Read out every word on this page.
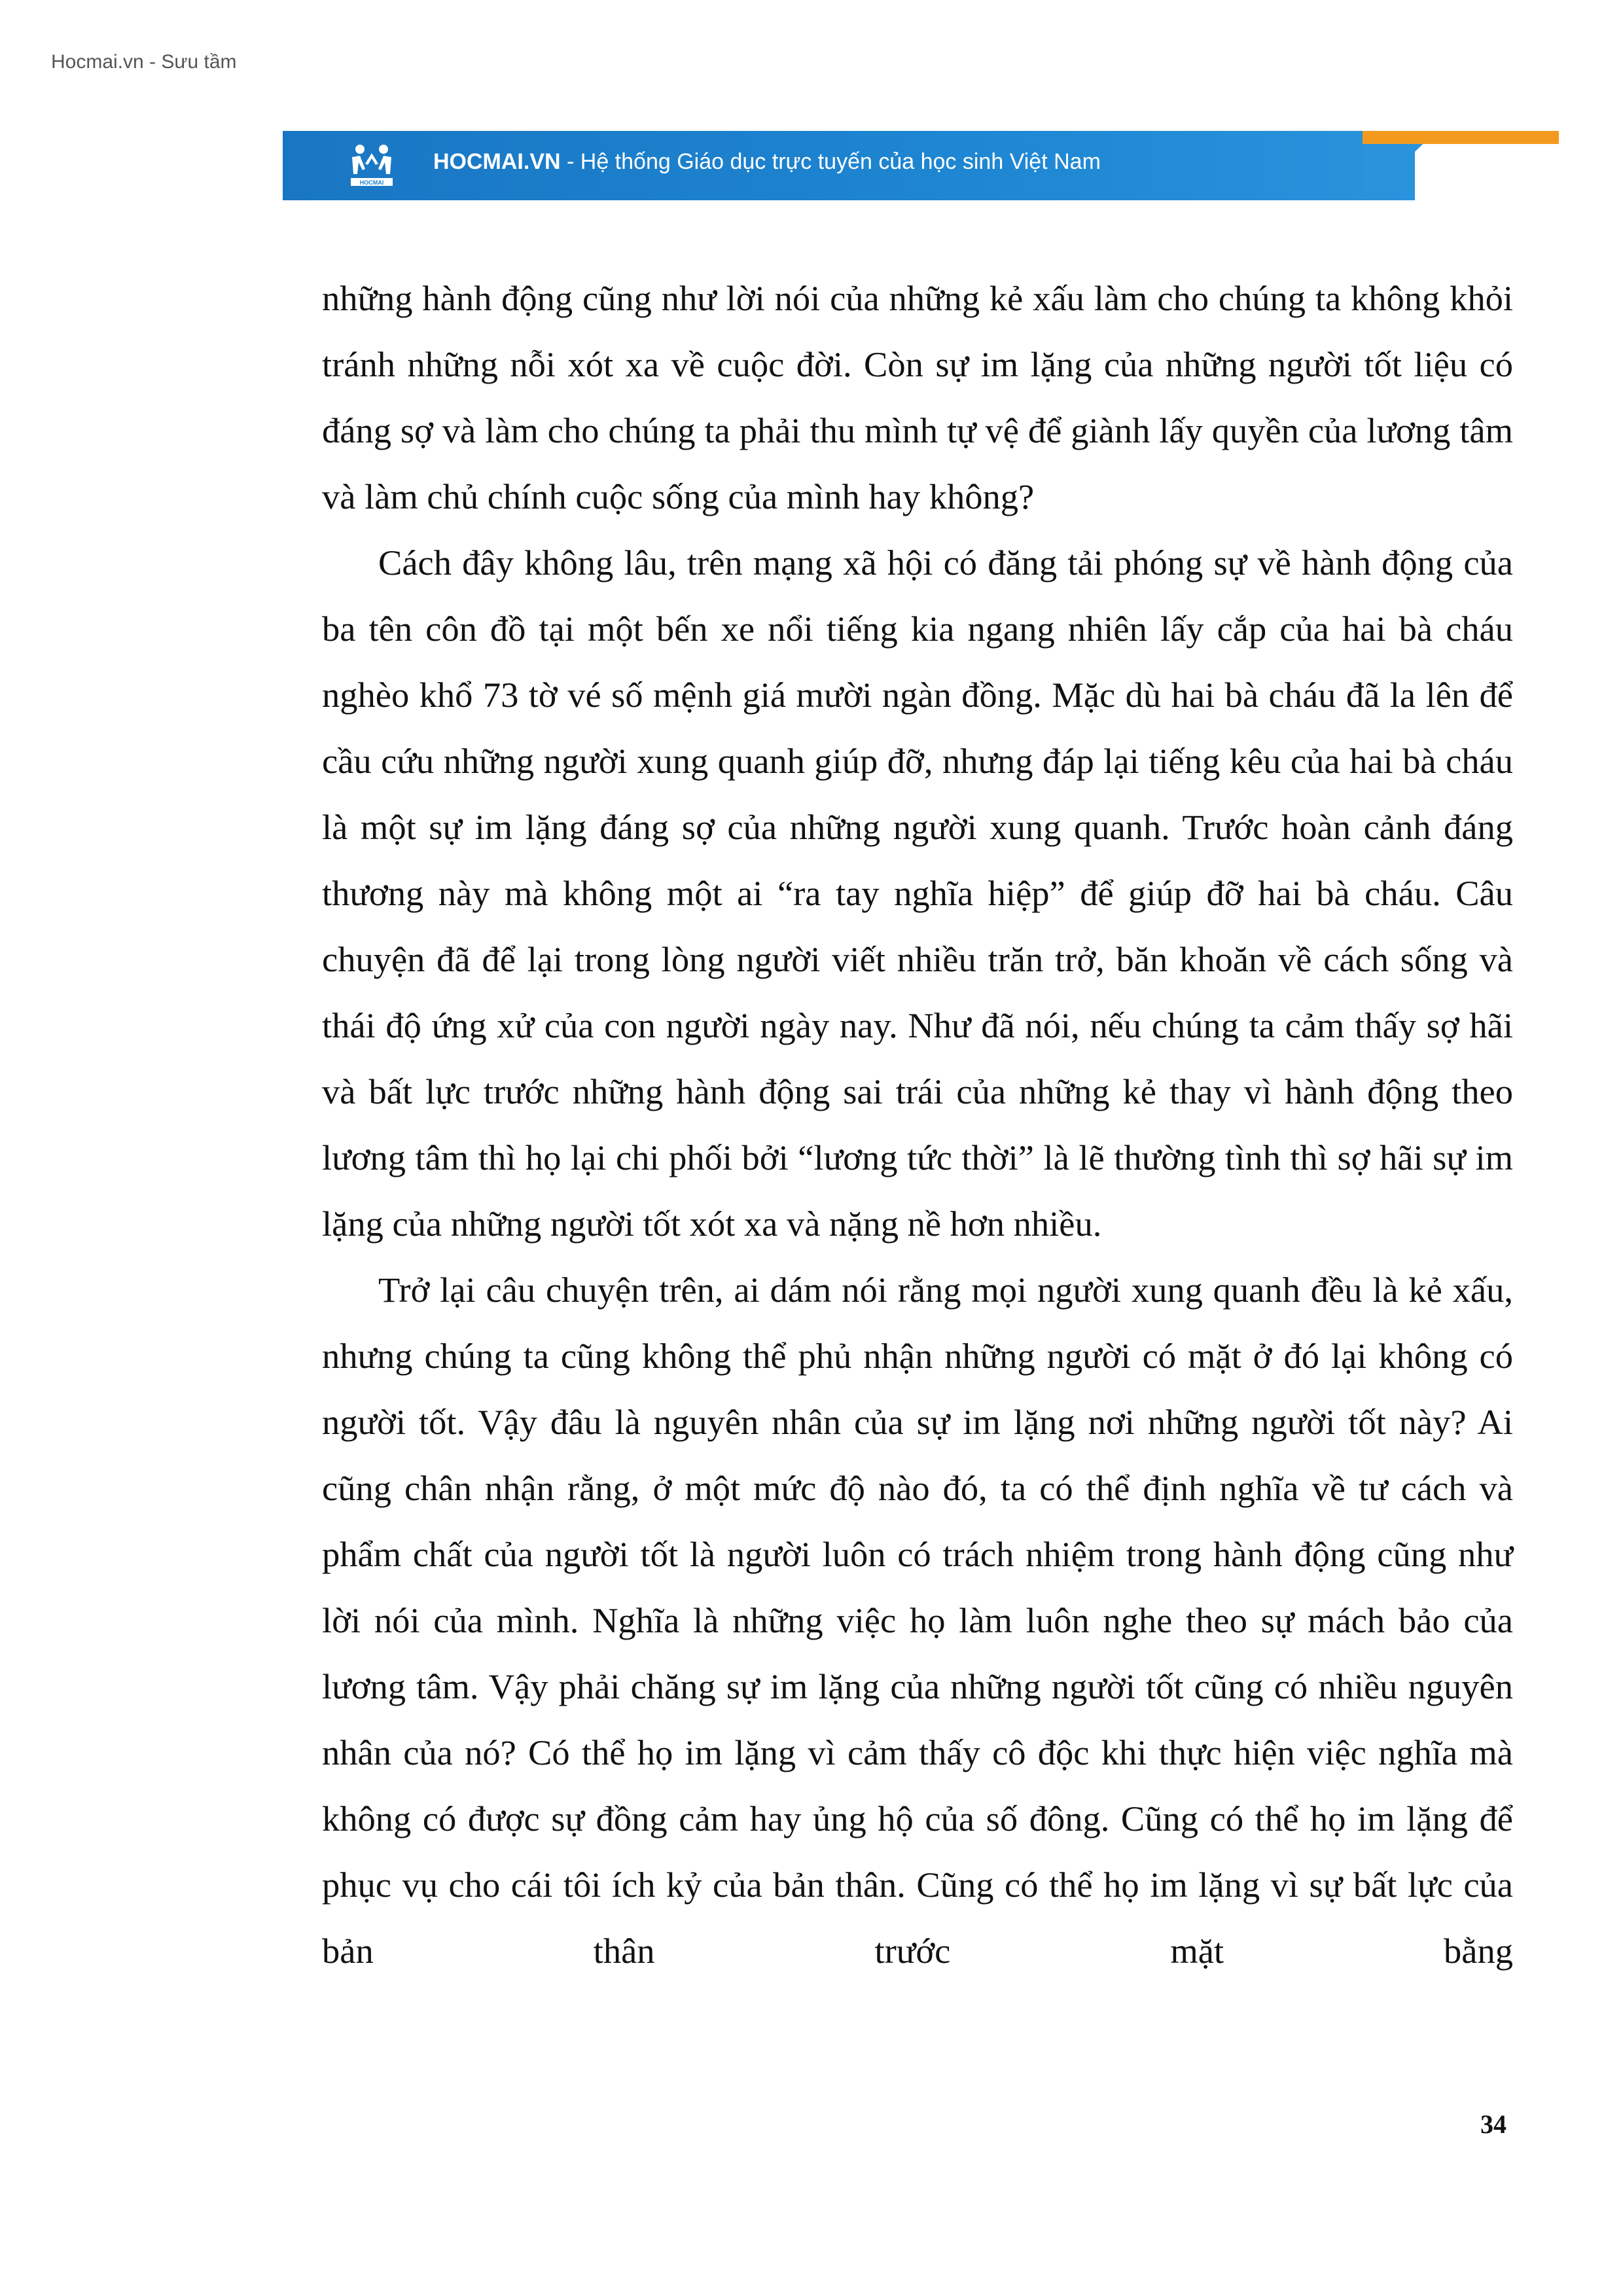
Hocmai.vn - Sưu tầm
HOCMAI
HOCMAI.VN - Hệ thống Giáo dục trực tuyến của học sinh Việt Nam

những hành động cũng như lời nói của những kẻ xấu làm cho chúng ta không khỏi tránh những nỗi xót xa về cuộc đời. Còn sự im lặng của những người tốt liệu có đáng sợ và làm cho chúng ta phải thu mình tự vệ để giành lấy quyền của lương tâm và làm chủ chính cuộc sống của mình hay không?

Cách đây không lâu, trên mạng xã hội có đăng tải phóng sự về hành động của ba tên côn đồ tại một bến xe nổi tiếng kia ngang nhiên lấy cắp của hai bà cháu nghèo khổ 73 tờ vé số mệnh giá mười ngàn đồng. Mặc dù hai bà cháu đã la lên để cầu cứu những người xung quanh giúp đỡ, nhưng đáp lại tiếng kêu của hai bà cháu là một sự im lặng đáng sợ của những người xung quanh. Trước hoàn cảnh đáng thương này mà không một ai “ra tay nghĩa hiệp” để giúp đỡ hai bà cháu. Câu chuyện đã để lại trong lòng người viết nhiều trăn trở, băn khoăn về cách sống và thái độ ứng xử của con người ngày nay. Như đã nói, nếu chúng ta cảm thấy sợ hãi và bất lực trước những hành động sai trái của những kẻ thay vì hành động theo lương tâm thì họ lại chi phối bởi “lương tức thời” là lẽ thường tình thì sợ hãi sự im lặng của những người tốt xót xa và nặng nề hơn nhiều.

Trở lại câu chuyện trên, ai dám nói rằng mọi người xung quanh đều là kẻ xấu, nhưng chúng ta cũng không thể phủ nhận những người có mặt ở đó lại không có người tốt. Vậy đâu là nguyên nhân của sự im lặng nơi những người tốt này? Ai cũng chân nhận rằng, ở một mức độ nào đó, ta có thể định nghĩa về tư cách và phẩm chất của người tốt là người luôn có trách nhiệm trong hành động cũng như lời nói của mình. Nghĩa là những việc họ làm luôn nghe theo sự mách bảo của lương tâm. Vậy phải chăng sự im lặng của những người tốt cũng có nhiều nguyên nhân của nó? Có thể họ im lặng vì cảm thấy cô độc khi thực hiện việc nghĩa mà không có được sự đồng cảm hay ủng hộ của số đông. Cũng có thể họ im lặng để phục vụ cho cái tôi ích kỷ của bản thân. Cũng có thể họ im lặng vì sự bất lực của bản thân trước mặt bằng

34
